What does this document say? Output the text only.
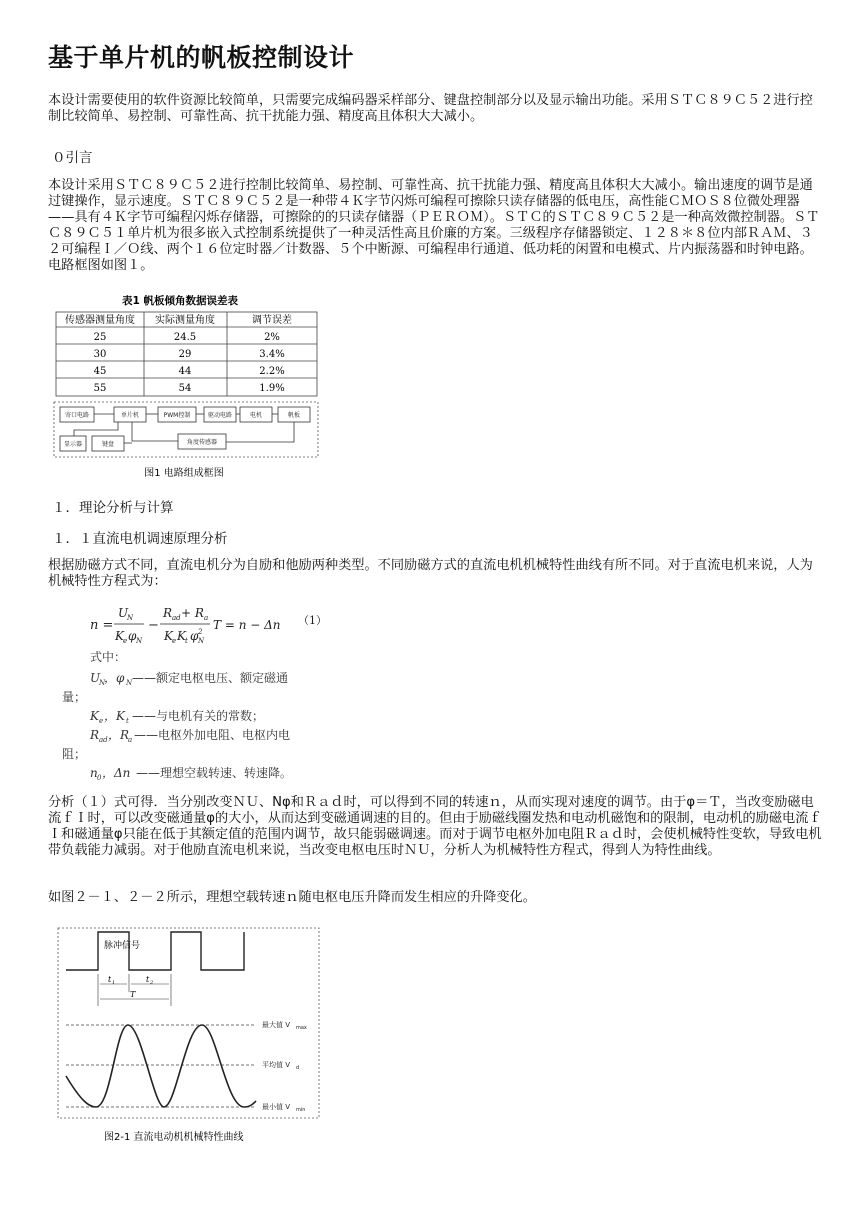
基于单片机的帆板控制设计

本设计需要使用的软件资源比较简单，只需要完成编码器采样部分、键盘控制部分以及显示输出功能。采用ＳＴＣ８９Ｃ５２进行控制比较简单、易控制、可靠性高、抗干扰能力强、精度高且体积大大减小。

０引言

本设计采用ＳＴＣ８９Ｃ５２进行控制比较简单、易控制、可靠性高、抗干扰能力强、精度高且体积大大减小。输出速度的调节是通过键操作，显示速度。ＳＴＣ８９Ｃ５２是一种带４Ｋ字节闪烁可编程可擦除只读存储器的低电压，高性能ＣＭＯＳ８位微处理器——具有４Ｋ字节可编程闪烁存储器，可擦除的的只读存储器（ＰＥＲＯＭ）。ＳＴＣ的ＳＴＣ８９Ｃ５２是一种高效微控制器。ＳＴＣ８９Ｃ５１单片机为很多嵌入式控制系统提供了一种灵活性高且价廉的方案。三级程序存储器锁定、１２８＊８位内部ＲＡＭ、３２可编程Ｉ／Ｏ线、两个１６位定时器／计数器、５个中断源、可编程串行通道、低功耗的闲置和电模式、片内振荡器和时钟电路。电路框图如图１。

表1 帆板倾角数据误差表
传感器测量角度 实际测量角度	调节误差
25	24.5	2%
30	29	3.4%
45	44	2.2%
55	54	1.9%
寄口电路	单片机	PWM控制	驱动电路	电机	帆板
显示器	键盘	角度传感器
图1 电路组成框图
１．理论分析与计算
１．１直流电机调速原理分析

根据励磁方式不同，直流电机分为自励和他励两种类型。不同励磁方式的直流电机机械特性曲线有所不同。对于直流电机来说，人为机械特性方程式为：

n =
U
N
K e φ N
−
R ad + R a
K e K t φ N
2 T = n − Δn （1）
式中：
U
N
，φ N ——额定电枢电压、额定磁通
量；
K e ，K t ——与电机有关的常数；
R ad ，R
a ——电枢外加电阻、电枢内电
阻；
n 0 ，Δn ——理想空载转速、转速降。

分析（１）式可得．当分别改变ＮＵ、Νφ和Ｒａｄ时，可以得到不同的转速ｎ，从而实现对速度的调节。由于φ＝Ｔ，当改变励磁电流ｆＩ时，可以改变磁通量φ的大小，从而达到变磁通调速的目的。但由于励磁线圈发热和电动机磁饱和的限制，电动机的励磁电流ｆＩ和磁通量φ只能在低于其额定值的范围内调节，故只能弱磁调速。而对于调节电枢外加电阻Ｒａｄ时，会使机械特性变软，导致电机带负载能力减弱。对于他励直流电机来说，当改变电枢电压时ＮＵ，分析人为机械特性方程式，得到人为特性曲线。

如图２－１、２－２所示，理想空载转速ｎ随电枢电压升降而发生相应的升降变化。

脉冲信号
t 1	t 2
T
最大值 V max
平均值 V d
最小值 V min
图2-1 直流电动机机械特性曲线
